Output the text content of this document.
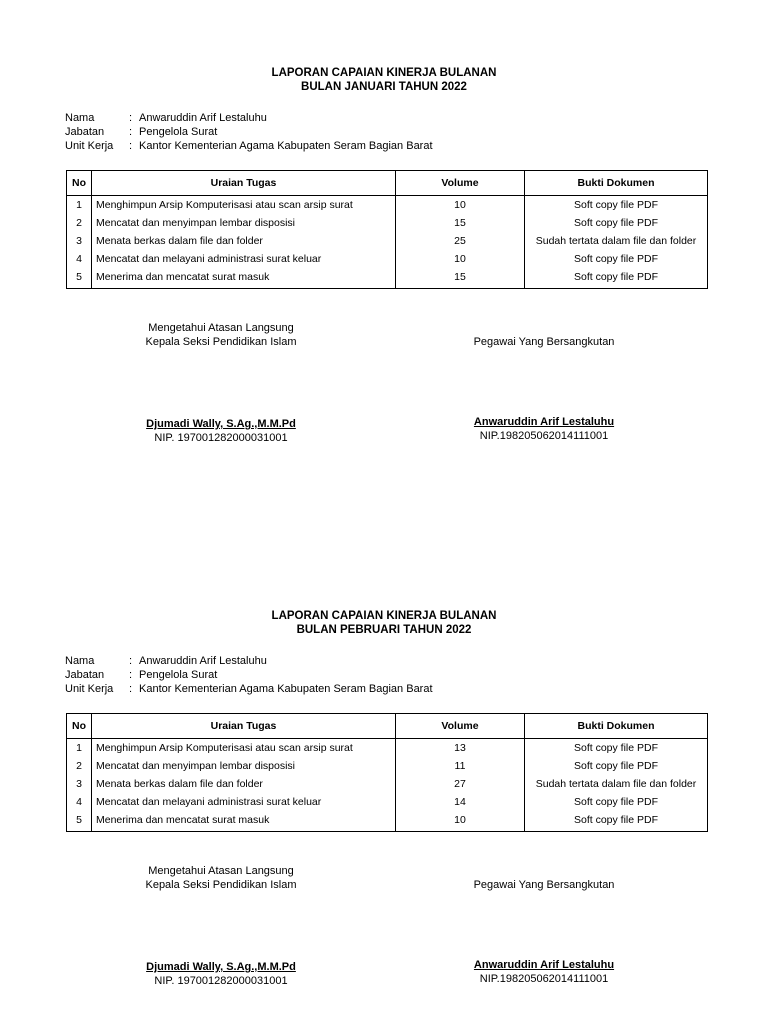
LAPORAN CAPAIAN KINERJA BULANAN
BULAN JANUARI TAHUN 2022
Nama	: Anwaruddin Arif Lestaluhu
Jabatan	: Pengelola Surat
Unit Kerja	: Kantor Kementerian Agama Kabupaten Seram Bagian Barat
No	Uraian Tugas	Volume	Bukti Dokumen
1	Menghimpun Arsip Komputerisasi atau scan arsip surat	10	Soft copy file PDF
2	Mencatat dan menyimpan lembar disposisi	15	Soft copy file PDF
3	Menata berkas dalam file dan folder	25	Sudah tertata dalam file dan folder
4	Mencatat dan melayani administrasi surat keluar	10	Soft copy file PDF
5	Menerima dan mencatat surat masuk	15	Soft copy file PDF
Mengetahui Atasan Langsung
Kepala Seksi Pendidikan Islam
Djumadi Wally, S.Ag.,M.M.Pd
NIP. 197001282000031001
Pegawai Yang Bersangkutan
Anwaruddin Arif Lestaluhu
NIP.198205062014111001
LAPORAN CAPAIAN KINERJA BULANAN
BULAN PEBRUARI TAHUN 2022
Nama	: Anwaruddin Arif Lestaluhu
Jabatan	: Pengelola Surat
Unit Kerja	: Kantor Kementerian Agama Kabupaten Seram Bagian Barat
No	Uraian Tugas	Volume	Bukti Dokumen
1	Menghimpun Arsip Komputerisasi atau scan arsip surat	13	Soft copy file PDF
2	Mencatat dan menyimpan lembar disposisi	11	Soft copy file PDF
3	Menata berkas dalam file dan folder	27	Sudah tertata dalam file dan folder
4	Mencatat dan melayani administrasi surat keluar	14	Soft copy file PDF
5	Menerima dan mencatat surat masuk	10	Soft copy file PDF
Mengetahui Atasan Langsung
Kepala Seksi Pendidikan Islam
Djumadi Wally, S.Ag.,M.M.Pd
NIP. 197001282000031001
Pegawai Yang Bersangkutan
Anwaruddin Arif Lestaluhu
NIP.198205062014111001
